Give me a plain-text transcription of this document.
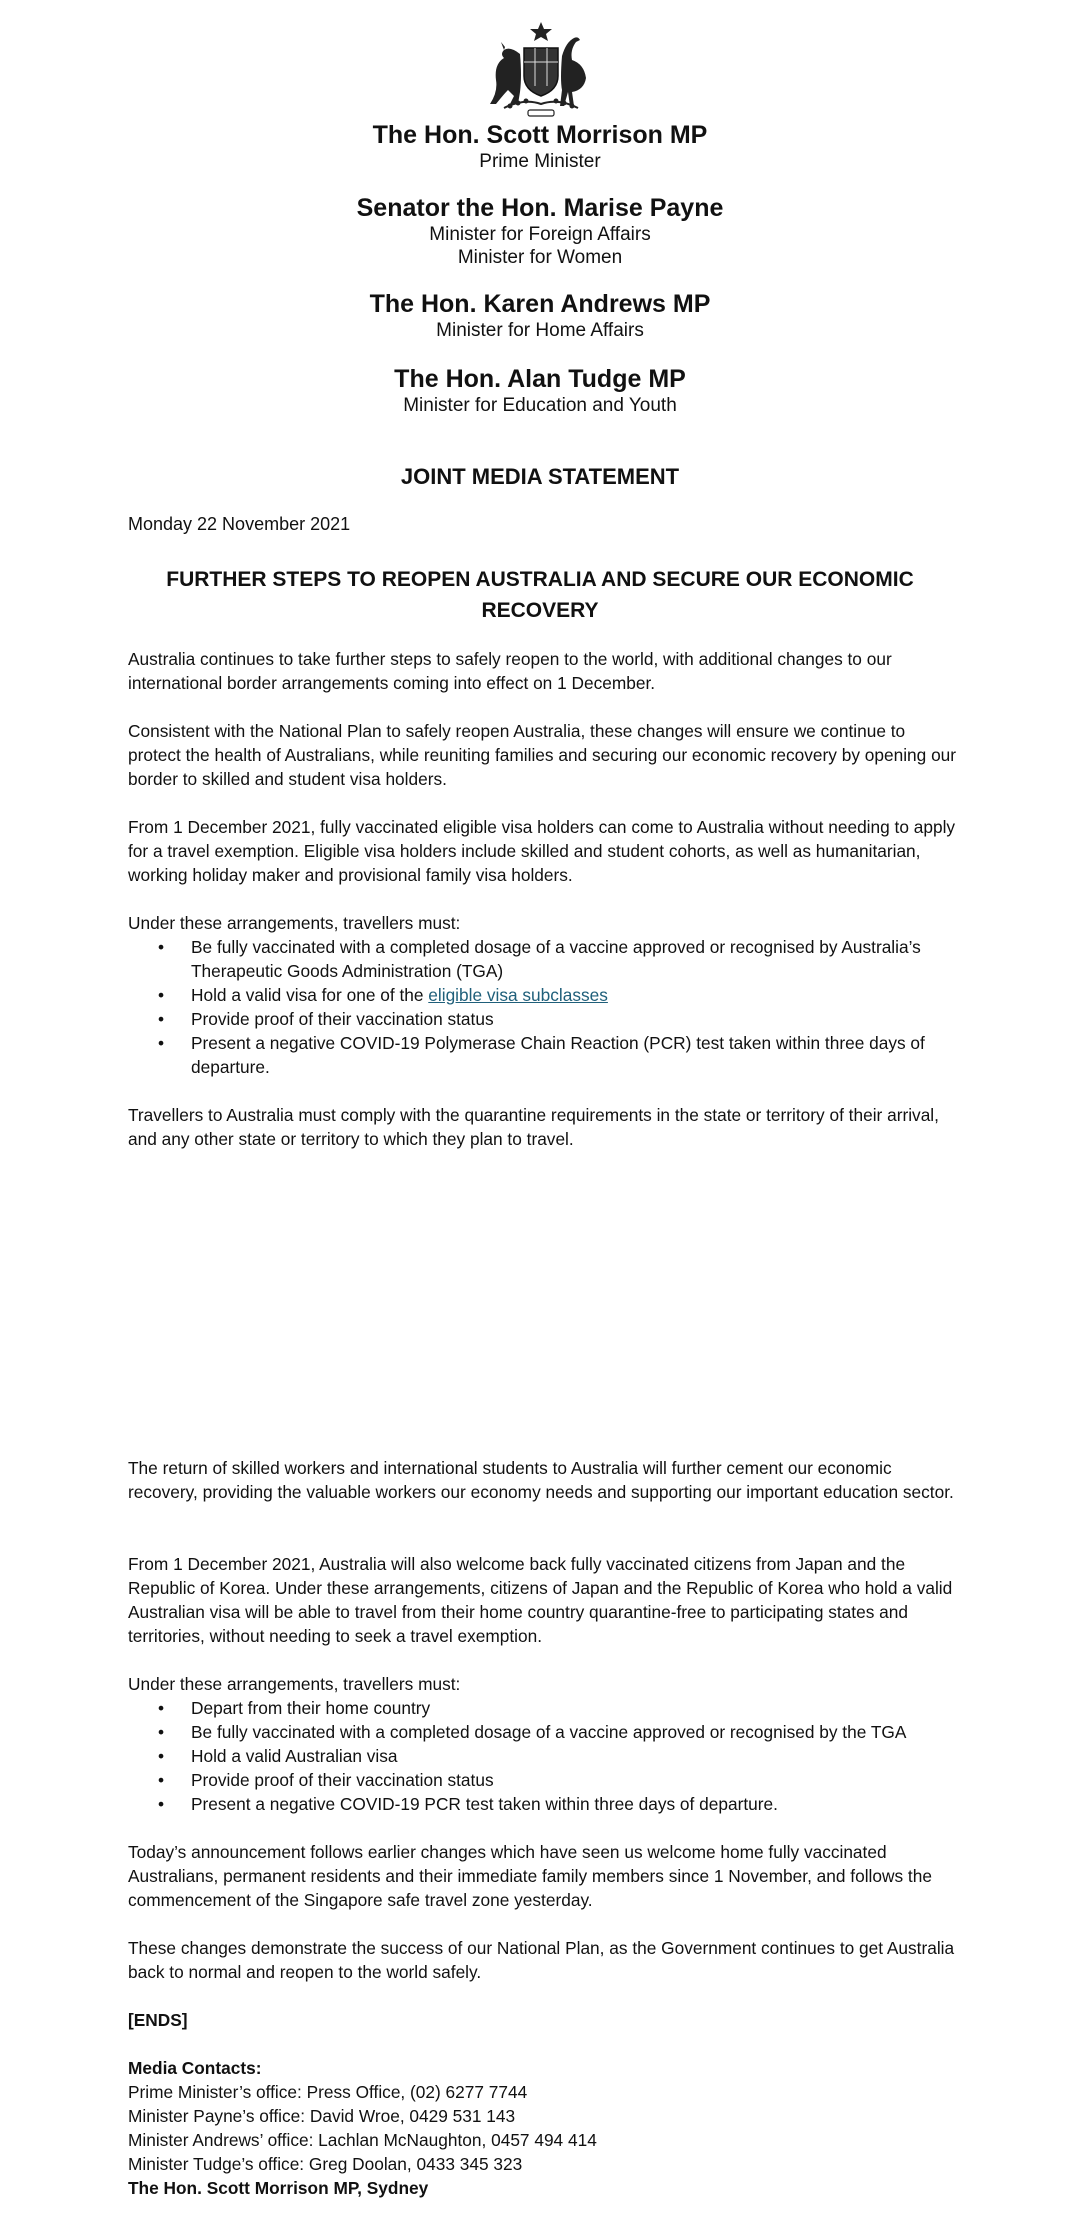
The Hon. Scott Morrison MP
Prime Minister
Senator the Hon. Marise Payne
Minister for Foreign Affairs
Minister for Women
The Hon. Karen Andrews MP
Minister for Home Affairs
The Hon. Alan Tudge MP
Minister for Education and Youth
JOINT MEDIA STATEMENT
Monday 22 November 2021
FURTHER STEPS TO REOPEN AUSTRALIA AND SECURE OUR ECONOMIC RECOVERY

Australia continues to take further steps to safely reopen to the world, with additional changes to our international border arrangements coming into effect on 1 December.

Consistent with the National Plan to safely reopen Australia, these changes will ensure we continue to protect the health of Australians, while reuniting families and securing our economic recovery by opening our border to skilled and student visa holders.

From 1 December 2021, fully vaccinated eligible visa holders can come to Australia without needing to apply for a travel exemption. Eligible visa holders include skilled and student cohorts, as well as humanitarian, working holiday maker and provisional family visa holders.

Under these arrangements, travellers must:

• Be fully vaccinated with a completed dosage of a vaccine approved or recognised by Australia’s Therapeutic Goods Administration (TGA)
• Hold a valid visa for one of the eligible visa subclasses
• Provide proof of their vaccination status
• Present a negative COVID-19 Polymerase Chain Reaction (PCR) test taken within three days of departure.

Travellers to Australia must comply with the quarantine requirements in the state or territory of their arrival, and any other state or territory to which they plan to travel.

The return of skilled workers and international students to Australia will further cement our economic recovery, providing the valuable workers our economy needs and supporting our important education sector.

From 1 December 2021, Australia will also welcome back fully vaccinated citizens from Japan and the Republic of Korea. Under these arrangements, citizens of Japan and the Republic of Korea who hold a valid Australian visa will be able to travel from their home country quarantine-free to participating states and territories, without needing to seek a travel exemption.

Under these arrangements, travellers must:

• Depart from their home country
• Be fully vaccinated with a completed dosage of a vaccine approved or recognised by the TGA
• Hold a valid Australian visa
• Provide proof of their vaccination status
• Present a negative COVID-19 PCR test taken within three days of departure.

Today’s announcement follows earlier changes which have seen us welcome home fully vaccinated Australians, permanent residents and their immediate family members since 1 November, and follows the commencement of the Singapore safe travel zone yesterday.

These changes demonstrate the success of our National Plan, as the Government continues to get Australia back to normal and reopen to the world safely.

[ENDS]

Media Contacts:
Prime Minister’s office: Press Office, (02) 6277 7744
Minister Payne’s office: David Wroe, 0429 531 143
Minister Andrews’ office: Lachlan McNaughton, 0457 494 414
Minister Tudge’s office: Greg Doolan, 0433 345 323
The Hon. Scott Morrison MP, Sydney
